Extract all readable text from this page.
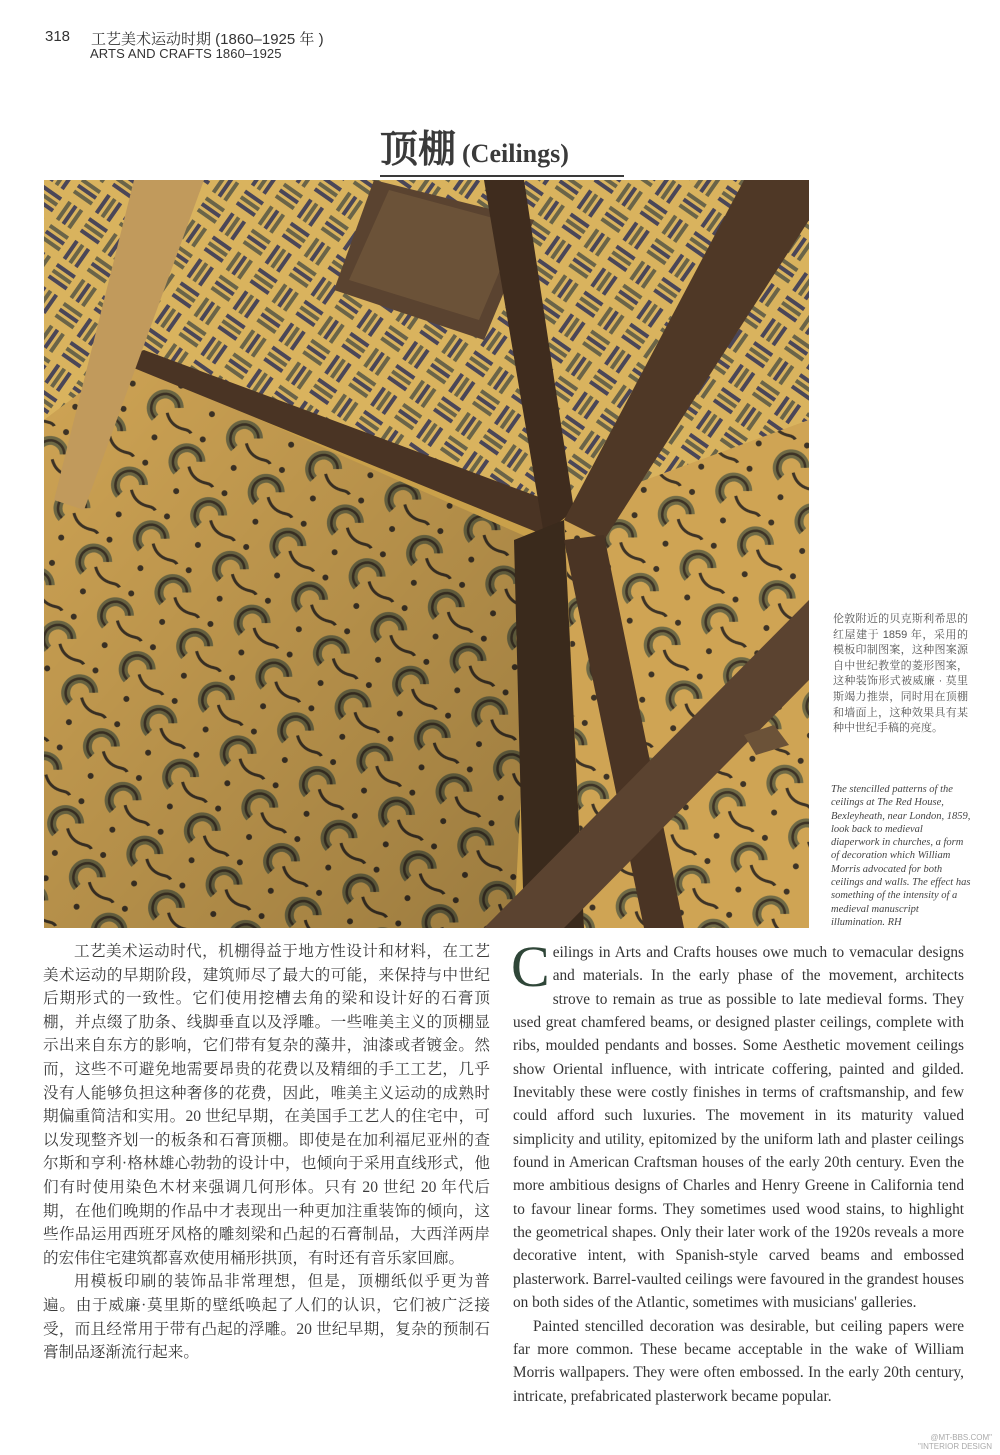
318 工艺美术运动时期 (1860–1925 年 )
ARTS AND CRAFTS 1860–1925
顶棚 (Ceilings)
伦敦附近的贝克斯利希思的红屋建于 1859 年，采用的模板印制图案，这种图案源自中世纪教堂的菱形图案，这种装饰形式被威廉 · 莫里斯竭力推崇，同时用在顶棚和墙面上，这种效果具有某种中世纪手稿的亮度。
The stencilled patterns of the ceilings at The Red House, Bexleyheath, near London, 1859, look back to medieval diaperwork in churches, a form of decoration which William Morris advocated for both ceilings and walls. The effect has something of the intensity of a medieval manuscript illumination. RH

工艺美术运动时代，机棚得益于地方性设计和材料，在工艺美术运动的早期阶段，建筑师尽了最大的可能，来保持与中世纪后期形式的一致性。它们使用挖槽去角的梁和设计好的石膏顶棚，并点缀了肋条、线脚垂直以及浮雕。一些唯美主义的顶棚显示出来自东方的影响，它们带有复杂的藻井，油漆或者镀金。然而，这些不可避免地需要昂贵的花费以及精细的手工工艺，几乎没有人能够负担这种奢侈的花费，因此，唯美主义运动的成熟时期偏重简洁和实用。20 世纪早期，在美国手工艺人的住宅中，可以发现整齐划一的板条和石膏顶棚。即使是在加利福尼亚州的查尔斯和亨利·格林雄心勃勃的设计中，也倾向于采用直线形式，他们有时使用染色木材来强调几何形体。只有 20 世纪 20 年代后期，在他们晚期的作品中才表现出一种更加注重装饰的倾向，这些作品运用西班牙风格的雕刻梁和凸起的石膏制品，大西洋两岸的宏伟住宅建筑都喜欢使用桶形拱顶，有时还有音乐家回廊。

用模板印刷的装饰品非常理想，但是，顶棚纸似乎更为普遍。由于威廉·莫里斯的壁纸唤起了人们的认识，它们被广泛接受，而且经常用于带有凸起的浮雕。20 世纪早期，复杂的预制石膏制品逐渐流行起来。

Ceilings in Arts and Crafts houses owe much to vemacular designs and materials. In the early phase of the movement, architects strove to remain as true as possible to late medieval forms. They used great chamfered beams, or designed plaster ceilings, complete with ribs, moulded pendants and bosses. Some Aesthetic movement ceilings show Oriental influence, with intricate coffering, painted and gilded. Inevitably these were costly finishes in terms of craftsmanship, and few could afford such luxuries. The movement in its maturity valued simplicity and utility, epitomized by the uniform lath and plaster ceilings found in American Craftsman houses of the early 20th century. Even the more ambitious designs of Charles and Henry Greene in California tend to favour linear forms. They sometimes used wood stains, to highlight the geometrical shapes. Only their later work of the 1920s reveals a more decorative intent, with Spanish-style carved beams and embossed plasterwork. Barrel-vaulted ceilings were favoured in the grandest houses on both sides of the Atlantic, sometimes with musicians' galleries.

Painted stencilled decoration was desirable, but ceiling papers were far more common. These became acceptable in the wake of William Morris wallpapers. They were often embossed. In the early 20th century, intricate, prefabricated plasterwork became popular.

@MT-BBS.COM"
"INTERIOR DESIGN
